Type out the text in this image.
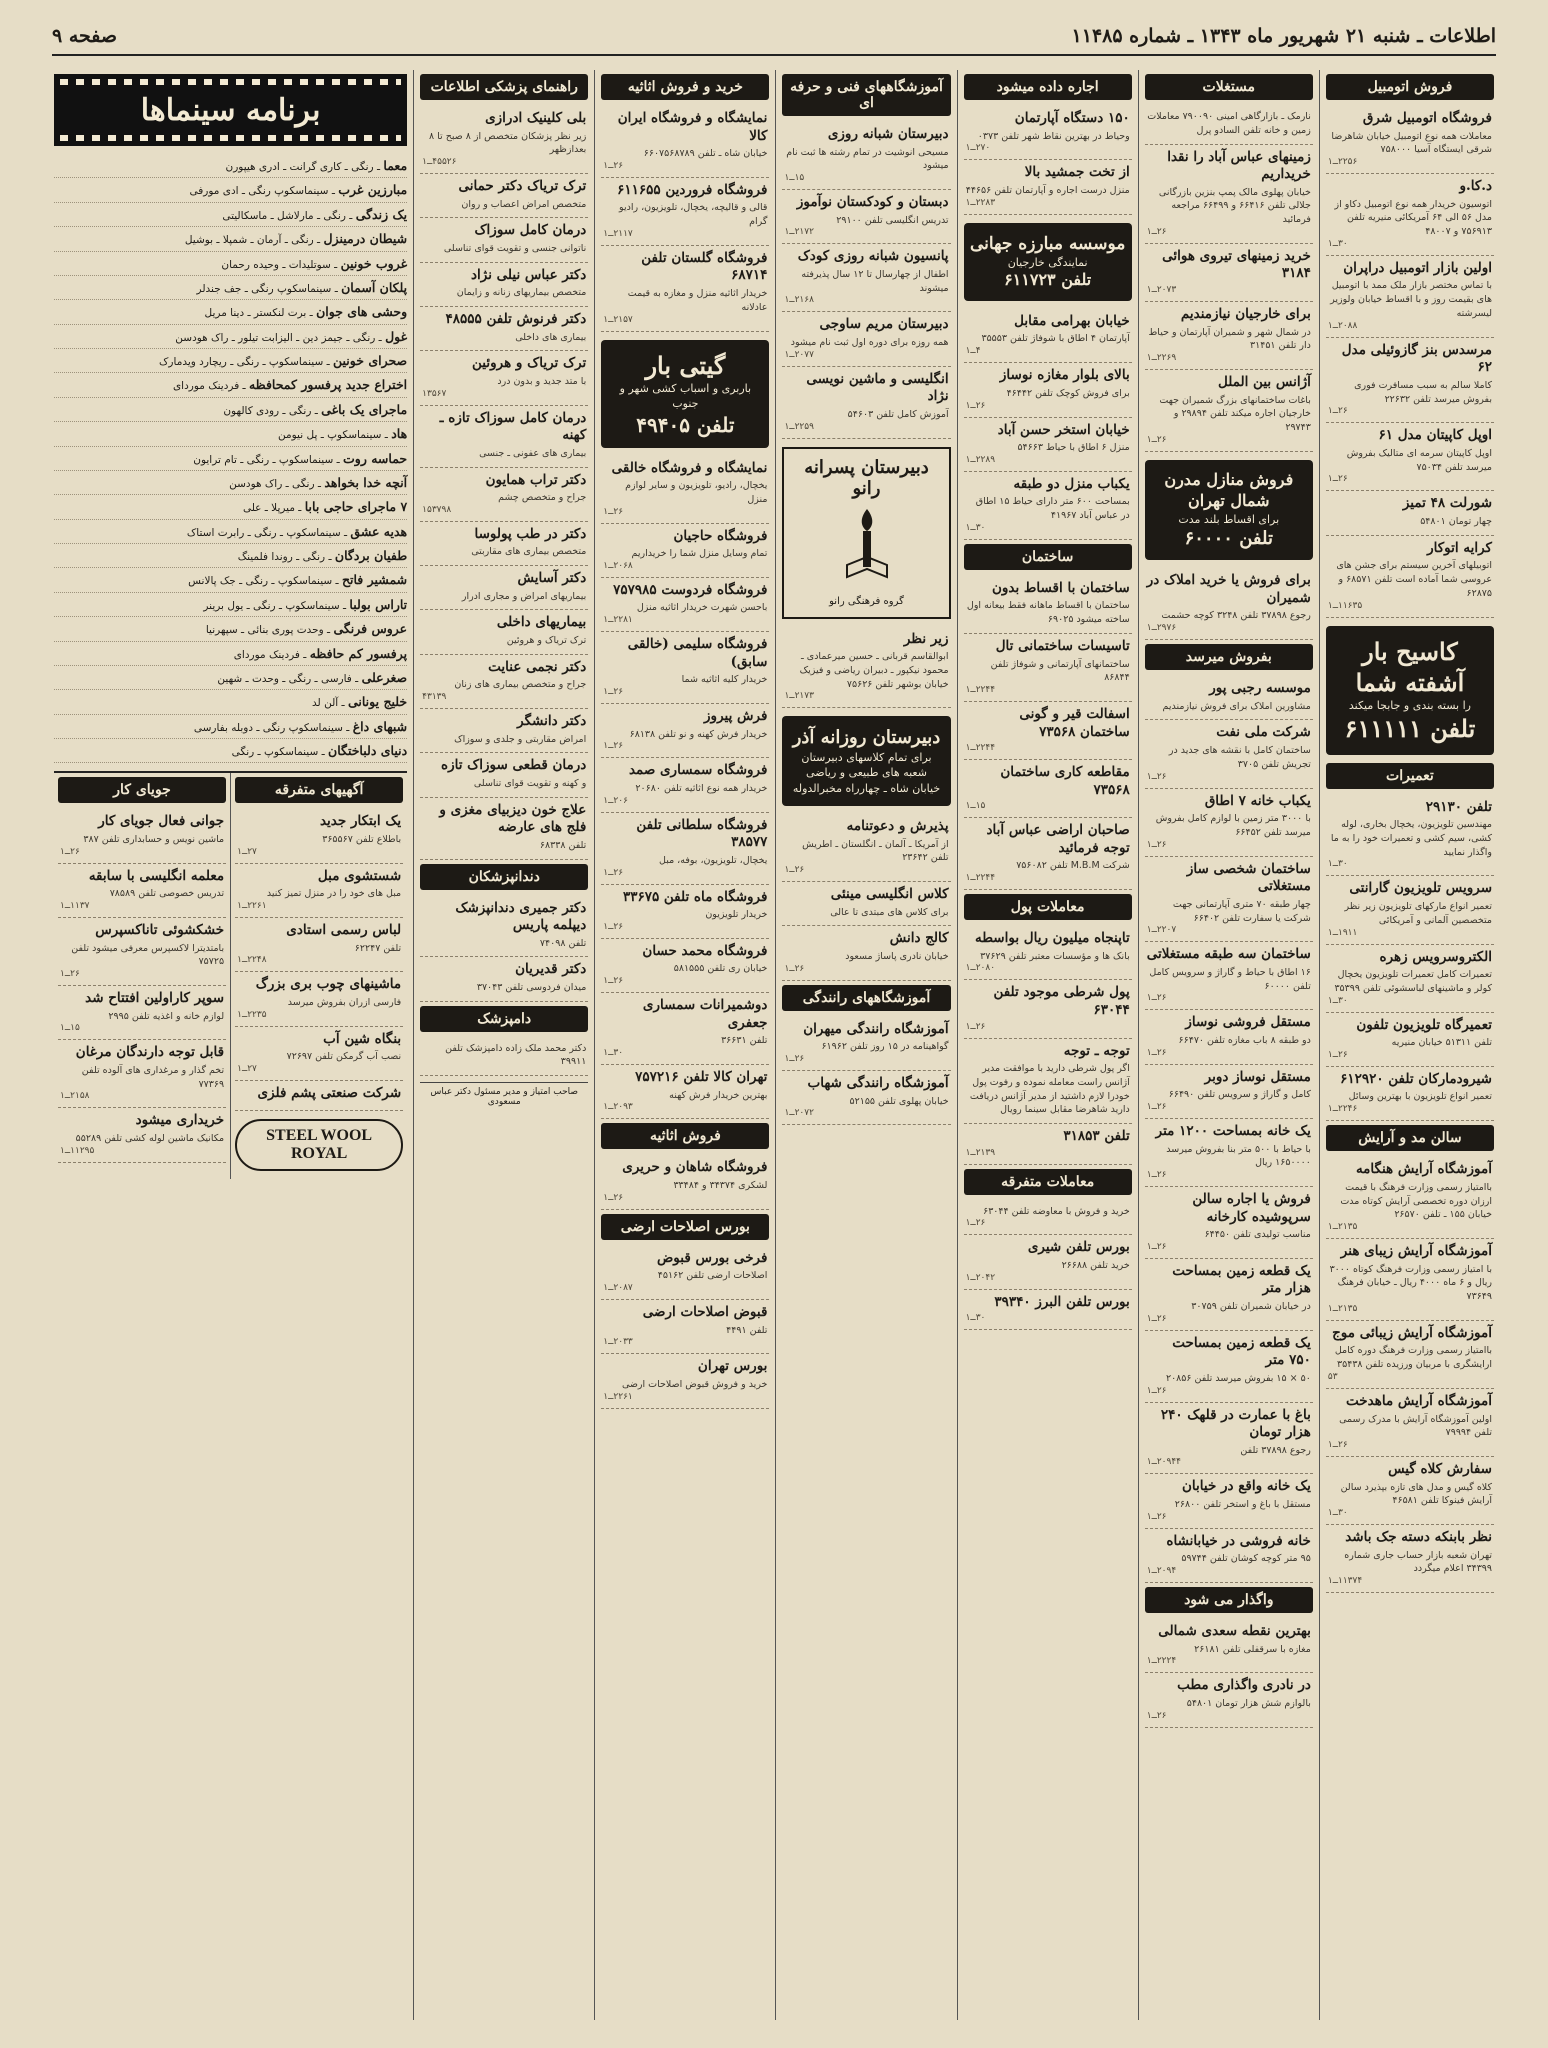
اطلاعات ـ شنبه ۲۱ شهریور ماه ۱۳۴۳ ـ شماره ۱۱۴۸۵
صفحه ۹
فروش اتومبیل
فروشگاه اتومبیل شرق

معاملات همه نوع اتومبیل خیابان شاهرضا شرقی ایستگاه آسیا ۷۵۸۰۰۰

۲۲۵۶ــ۱
د.کا.و

اتوسیون خریدار همه نوع اتومبیل دکاو از مدل ۵۶ الی ۶۴ آمریکائی منیریه تلفن ۷۵۶۹۱۳ و ۴۸۰۰۷

۳۰ــ۱
اولین بازار اتومبیل دراپران

با تماس مختصر بازار ملک ممد با اتومبیل های بقیمت روز و با اقساط خیابان ولوزیر لیسرشته

۲۰۸۸ــ۱
مرسدس بنز گازوئیلی مدل ۶۲

کاملا سالم به سبب مسافرت فوری بفروش میرسد تلفن ۲۲۶۳۲

۲۶ــ۱
اوپل کاپیتان مدل ۶۱

اوپل کاپیتان سرمه ای متالیک بفروش میرسد تلفن ۷۵۰۳۴

۲۶ــ۱
شورلت ۴۸ تمیز

چهار تومان ۵۴۸۰۱

کرایه اتوکار

اتوبیلهای آخرین سیستم برای جشن های عروسی شما آماده است تلفن ۶۸۵۷۱ و ۶۲۸۷۵

۱۱۶۳۵ــ۱
کاسیح بار آشفته شما
را بسته بندی و جابجا میکند
تلفن ۶۱۱۱۱۱
تعمیرات
تلفن ۲۹۱۳۰

مهندسین تلویزیون، یخچال بخاری، لوله کشی، سیم کشی و تعمیرات خود را به ما واگذار نمایید

۳۰ــ۱
سرویس تلویزیون گارانتی

تعمیر انواع مارکهای تلویزیون زیر نظر متخصصین آلمانی و آمریکائی

۱۹۱۱ــ۱
الکتروسرویس زهره

تعمیرات کامل تعمیرات تلویزیون یخچال کولر و ماشینهای لباسشوئی تلفن ۳۵۳۹۹

۳۰ــ۱
تعمیرگاه تلویزیون تلفون

تلفن ۵۱۳۱۱ خیابان منیریه

۲۶ــ۱
شیرودمارکان تلفن ۶۱۲۹۲۰

تعمیر انواع تلویزیون با بهترین وسائل

۲۲۴۶ــ۱
سالن مد و آرایش
آموزشگاه آرایش هنگامه

باامتیاز رسمی وزارت فرهنگ با قیمت ارزان دوره تخصصی آرایش کوتاه مدت خیابان ۱۵۵ ـ تلفن ۲۶۵۷۰

۲۱۳۵ــ۱
آموزشگاه آرایش زیبای هنر

با امتیاز رسمی وزارت فرهنگ کوتاه ۳۰۰۰ ریال و ۶ ماه ۴۰۰۰ ریال ـ خیابان فرهنگ ۷۳۶۴۹

۲۱۳۵ــ۱
آموزشگاه آرایش زیبائی موج

باامتیاز رسمی وزارت فرهنگ دوره کامل ارایشگری با مربیان ورزیده تلفن ۳۵۴۳۸

۵۳
آموزشگاه آرایش ماهدخت

اولین آموزشگاه آرایش با مدرک رسمی تلفن ۷۹۹۹۴

۲۶ــ۱
سفارش کلاه گیس

کلاه گیس و مدل های تازه بپذیرد سالن آرایش فینوکا تلفن ۴۶۵۸۱

۳۰ــ۱
نظر بابنکه دسته جک باشد

تهران شعبه بازار حساب جاری شماره ۳۴۳۹۹ اعلام میگردد

۱۱۳۷۴ــ۱
مستغلات

نارمک ـ بازارگاهی امینی ۷۹۰۰۹۰ معاملات زمین و خانه تلفن السادو پرل

زمینهای عباس آباد را نقدا خریداریم

خیابان پهلوی مالک پمپ بنزین بازرگانی جلالی تلفن ۶۶۴۱۶ و ۶۶۴۹۹ مراجعه فرمائید

۲۶ــ۱
خرید زمینهای تیروی هوائی ۳۱۸۴
۲۰۷۳ــ۱
برای خارجیان نیازمندیم

در شمال شهر و شمیران آپارتمان و حیاط دار تلفن ۳۱۴۵۱

۲۲۶۹ــ۱
آژانس بین الملل

باغات ساختمانهای بزرگ شمیران جهت خارجیان اجاره میکند تلفن ۲۹۸۹۴ و ۲۹۷۴۳

۲۶ــ۱
فروش منازل مدرن شمال تهران
برای اقساط بلند مدت
تلفن ۶۰۰۰۰
برای فروش یا خرید املاک در شمیران

رجوع ۳۷۸۹۸ تلفن ۳۲۴۸ کوچه حشمت

۲۹۷۶ــ۱
بفروش میرسد
موسسه رجبی پور

مشاورین املاک برای فروش نیازمندیم

شرکت ملی نفت

ساختمان کامل با نقشه های جدید در تجریش تلفن ۳۷۰۵

۲۶ــ۱
یکباب خانه ۷ اطاق

با ۳۰۰۰ متر زمین با لوازم کامل بفروش میرسد تلفن ۶۶۴۵۲

۲۶ــ۱
ساختمان شخصی ساز مستغلاتی

چهار طبقه ۷۰ متری آپارتمانی جهت شرکت یا سفارت تلفن ۶۶۴۰۲

۲۲۰۷ــ۱
ساختمان سه طبقه مستغلاتی

۱۶ اطاق با حیاط و گاراژ و سرویس کامل تلفن ۶۰۰۰۰

۲۶ــ۱
مستقل فروشی نوساز

دو طبقه ۸ باب مغازه تلفن ۶۶۴۷۰

۲۶ــ۱
مستقل نوساز دوبر

کامل و گاراژ و سرویس تلفن ۶۶۴۹۰

۲۶ــ۱
یک خانه بمساحت ۱۲۰۰ متر

با حیاط با ۵۰۰ متر بنا بفروش میرسد ۱۶۵۰۰۰۰ ریال

۲۶ــ۱
فروش یا اجاره سالن سرپوشیده کارخانه

مناسب تولیدی تلفن ۶۴۴۵۰

۲۶ــ۱
یک قطعه زمین بمساحت هزار متر

در خیابان شمیران تلفن ۳۰۷۵۹

۲۶ــ۱
یک قطعه زمین بمساحت ۷۵۰ متر

۵۰ × ۱۵ بفروش میرسد تلفن ۲۰۸۵۶

۲۶ــ۱
باغ با عمارت در قلهک ۲۴۰ هزار تومان

رجوع ۳۷۸۹۸ تلفن

۲۰۹۴۴ــ۱
یک خانه واقع در خیابان

مستقل با باغ و استخر تلفن ۲۶۸۰۰

۲۶ــ۱
خانه فروشی در خیابانشاه

۹۵ متر کوچه کوشان تلفن ۵۹۷۴۴

۲۰۹۴ــ۱
واگذار می شود
بهترین نقطه سعدی شمالی

مغازه با سرقفلی تلفن ۲۶۱۸۱

۲۲۲۴ــ۱
در نادری واگذاری مطب

بالوازم شش هزار تومان ۵۴۸۰۱

۲۶ــ۱
اجاره داده میشود
۱۵۰ دستگاه آپارتمان

وحیاط در بهترین نقاط شهر تلفن ۰۳۷۳

۲۷۰ــ۱
از تخت جمشید بالا

منزل درست اجاره و آپارتمان تلفن ۴۴۶۵۶

۲۲۸۳ــ۱
موسسه مبارزه جهانی
نمایندگی خارجیان
تلفن ۶۱۱۷۲۳
خیابان بهرامی مقابل

آپارتمان ۴ اطاق با شوفاژ تلفن ۳۵۵۵۳

۴ــ۱
بالای بلوار مغازه نوساز

برای فروش کوچک تلفن ۴۶۴۴۲

۲۶ــ۱
خیابان استخر حسن آباد

منزل ۶ اطاق با حیاط ۵۴۶۶۳

۲۲۸۹ــ۱
یکباب منزل دو طبقه

بمساحت ۶۰۰ متر دارای حیاط ۱۵ اطاق در عباس آباد ۴۱۹۶۷

۳۰ــ۱
ساختمان
ساختمان با اقساط بدون

ساختمان با اقساط ماهانه فقط بیعانه اول ساخته میشود ۶۹۰۲۵

تاسیسات ساختمانی تال

ساختمانهای آپارتمانی و شوفاژ تلفن ۸۶۸۴۴

۲۲۴۴ــ۱
اسفالت قیر و گونی ساختمان ۷۳۵۶۸
۲۲۴۴ــ۱
مقاطعه کاری ساختمان ۷۳۵۶۸
۱۵ــ۱
صاحبان اراضی عباس آباد توجه فرمائید

شرکت M.B.M تلفن ۷۵۶۰۸۲

۲۲۴۴ــ۱
معاملات پول
تاپنجاه میلیون ریال بواسطه

بانک ها و مؤسسات معتبر تلفن ۳۷۶۲۹

۲۰۸۰ــ۱
پول شرطی موجود تلفن ۶۳۰۴۴
۲۶ــ۱
توجه ـ توجه

اگر پول شرطی دارید با موافقت مدیر آژانس راست معامله نموده و رفوت پول خودرا لازم داشتید از مدیر آژانس دریافت دارید شاهرضا مقابل سینما رویال

تلفن ۳۱۸۵۳
۲۱۳۹ــ۱
معاملات متفرقه

خرید و فروش با معاوضه تلفن ۶۳۰۴۴

۲۶ــ۱
بورس تلفن شیری

خرید تلفن ۲۶۶۸۸

۲۰۴۲ــ۱
بورس تلفن البرز ۳۹۳۴۰
۳۰ــ۱
آموزشگاههای فنی و حرفه ای
دبیرستان شبانه روزی

مسیحی انوشیت در تمام رشته ها ثبت نام میشود

۱۵ــ۱
دبستان و کودکستان نوآموز

تدریس انگلیسی تلفن ۲۹۱۰۰

۲۱۷۲ــ۱
پانسیون شبانه روزی کودک

اطفال از چهارسال تا ۱۲ سال پذیرفته میشوند

۲۱۶۸ــ۱
دبیرستان مریم ساوجی

همه روزه برای دوره اول ثبت نام میشود

۲۰۷۷ــ۱
انگلیسی و ماشین نویسی نژاد

آموزش کامل تلفن ۵۴۶۰۳

۲۲۵۹ــ۱
دبیرستان پسرانه رانو
گروه فرهنگی رانو
زیر نظر

ابوالقاسم قربانی ـ حسین میرعمادی ـ محمود نیکپور ـ دبیران ریاضی و فیزیک خیابان بوشهر تلفن ۷۵۶۲۶

۲۱۷۳ــ۱
دبیرستان روزانه آذر
برای تمام کلاسهای دبیرستان شعبه های طبیعی و ریاضی
خیابان شاه ـ چهارراه مخبرالدوله
پذیرش و دعوتنامه

از آمریکا ـ آلمان ـ انگلستان ـ اطریش تلفن ۲۳۶۴۲

۲۶ــ۱
کلاس انگلیسی مینئی

برای کلاس های مبتدی تا عالی

کالج دانش

خیابان نادری پاساژ مسعود

۲۶ــ۱
آموزشگاههای رانندگی
آموزشگاه رانندگی میهران

گواهینامه در ۱۵ روز تلفن ۶۱۹۶۲

۲۶ــ۱
آموزشگاه رانندگی شهاب

خیابان پهلوی تلفن ۵۲۱۵۵

۲۰۷۲ــ۱
خرید و فروش اثاثیه
نمایشگاه و فروشگاه ایران کالا

خیابان شاه ـ تلفن ۶۶۰۷۵۶۸۷۸۹

۲۶ــ۱
فروشگاه فروردین ۶۱۱۶۵۵

قالی و قالیچه، یخچال، تلویزیون، رادیو گرام

۲۱۱۷ــ۱
فروشگاه گلستان تلفن ۶۸۷۱۴

خریدار اثاثیه منزل و مغازه به قیمت عادلانه

۲۱۵۷ــ۱
گیتی بار
باربری و اسباب کشی شهر و جنوب
تلفن ۴۹۴۰۵
نمایشگاه و فروشگاه خالقی

یخچال، رادیو، تلویزیون و سایر لوازم منزل

۲۶ــ۱
فروشگاه حاجیان

تمام وسایل منزل شما را خریداریم

۲۰۶۸ــ۱
فروشگاه فردوست ۷۵۷۹۸۵

باحسن شهرت خریدار اثاثیه منزل

۲۲۸۱ــ۱
فروشگاه سلیمی (خالقی سابق)

خریدار کلیه اثاثیه شما

۲۶ــ۱
فرش پیروز

خریدار فرش کهنه و نو تلفن ۶۸۱۳۸

۲۶ــ۱
فروشگاه سمساری صمد

خریدار همه نوع اثاثیه تلفن ۲۰۶۸۰

۲۰۶ــ۱
فروشگاه سلطانی تلفن ۳۸۵۷۷

یخچال، تلویزیون، بوفه، مبل

۲۶ــ۱
فروشگاه ماه تلفن ۳۳۶۷۵

خریدار تلویزیون

۲۶ــ۱
فروشگاه محمد حسان

خیابان ری تلفن ۵۸۱۵۵۵

۲۶ــ۱
دوشمیرانات سمساری جعفری

تلفن ۳۶۶۳۱

۳۰ــ۱
تهران کالا تلفن ۷۵۷۲۱۶

بهترین خریدار فرش کهنه

۲۰۹۳ــ۱
فروش اثاثیه
فروشگاه شاهان و حریری

لشکری ۳۴۳۷۴ و ۳۳۴۸۴

۲۶ــ۱
بورس اصلاحات ارضی
فرخی بورس قبوض

اصلاحات ارضی تلفن ۴۵۱۶۲

۲۰۸۷ــ۱
قبوض اصلاحات ارضی

تلفن ۴۴۹۱

۲۰۳۳ــ۱
بورس تهران

خرید و فروش قبوض اصلاحات ارضی

۲۲۶۱ــ۱
راهنمای پزشکی اطلاعات
بلی کلینیک ادرازی

زیر نظر پزشکان متخصص از ۸ صبح تا ۸ بعدازظهر

۴۵۵۲۶ــ۱
ترک تریاک دکتر حمانی

متخصص امراض اعصاب و روان

درمان کامل سوزاک

ناتوانی جنسی و تقویت قوای تناسلی

دکتر عباس نیلی نژاد

متخصص بیماریهای زنانه و زایمان

دکتر فرنوش تلفن ۴۸۵۵۵

بیماری های داخلی

ترک تریاک و هروئین

با متد جدید و بدون درد

۱۳۵۶۷
درمان کامل سوزاک تازه ـ کهنه

بیماری های عفونی ـ جنسی

دکتر تراب همایون

جراح و متخصص چشم

۱۵۳۷۹۸
دکتر در طب پولوسا

متخصص بیماری های مقاربتی

دکتر آسایش

بیماریهای امراض و مجاری ادرار

بیماریهای داخلی

ترک تریاک و هروئین

دکتر نجمی عنایت

جراح و متخصص بیماری های زنان

۴۳۱۳۹
دکتر دانشگر

امراض مقاربتی و جلدی و سوزاک

درمان قطعی سوزاک تازه

و کهنه و تقویت قوای تناسلی

علاج خون دیزبیای مغزی و فلج های عارضه

تلفن ۶۸۳۳۸

دندانپزشکان
دکتر جمیری دندانپزشک دیپلمه پاریس

تلفن ۷۴۰۹۸

دکتر قدیریان

میدان فردوسی تلفن ۳۷۰۴۳

دامپزشک

دکتر محمد ملک زاده دامپزشک تلفن ۳۹۹۱۱

صاحب امتیاز و مدیر مسئول دکتر عباس مسعودی
برنامه سینماها
معما ـ رنگی ـ کاری گرانت ـ ادری هیپورن
مبارزین غرب ـ سینماسکوپ رنگی ـ ادی مورفی
یک زندگی ـ رنگی ـ مارلاشل ـ ماسکالیتی
شیطان درمینزل ـ رنگی ـ آرمان ـ شمپلا ـ بوشیل
غروب خونین ـ سوتلیدات ـ وحیده رحمان
پلکان آسمان ـ سینماسکوپ رنگی ـ جف جندلر
وحشی های جوان ـ برت لنکستر ـ دینا مریل
غول ـ رنگی ـ جیمز دین ـ الیزابت تیلور ـ راک هودسن
صحرای خونین ـ سینماسکوپ ـ رنگی ـ ریچارد ویدمارک
اختراع جدید پرفسور کمحافظه ـ فردینک موردای
ماجرای یک باغی ـ رنگی ـ رودی کالهون
هاد ـ سینماسکوپ ـ پل نیومن
حماسه روت ـ سینماسکوپ ـ رنگی ـ تام ترایون
آنچه خدا بخواهد ـ رنگی ـ راک هودسن
۷ ماجرای حاجی بابا ـ میرپلا ـ علی
هدیه عشق ـ سینماسکوپ ـ رنگی ـ رابرت استاک
طفیان بردگان ـ رنگی ـ روندا فلمینگ
شمشیر فاتح ـ سینماسکوپ ـ رنگی ـ جک پالانس
تاراس بولبا ـ سینماسکوپ ـ رنگی ـ یول برینر
عروس فرنگی ـ وحدت پوری بنائی ـ سپهرنیا
پرفسور کم حافظه ـ فردینک موردای
صغرعلی ـ فارسی ـ رنگی ـ وحدت ـ شهین
خلیج یونانی ـ آلن لد
شبهای داغ ـ سینماسکوپ رنگی ـ دوبله بفارسی
دنیای دلباختگان ـ سینماسکوپ ـ رنگی
آگهیهای متفرقه
یک ابتکار جدید

باطلاع تلفن ۳۶۵۵۶۷

۲۷ــ۱
شستشوی مبل

مبل های خود را در منزل تمیز کنید

۲۲۶۱ــ۱
لباس رسمی استادی

تلفن ۶۲۲۴۷

۲۲۴۸ــ۱
ماشینهای چوب بری بزرگ

فارسی ازران بفروش میرسد

۲۲۳۵ــ۱
بنگاه شین آب

نصب آب گرمکن تلفن ۷۲۶۹۷

۲۷ــ۱
شرکت صنعتی پشم فلزی
STEEL WOOL ROYAL
جویای کار
جوانی فعال جویای کار

ماشین نویس و حسابداری تلفن ۳۸۷

۲۶ــ۱
معلمه انگلیسی با سابقه

تدریس خصوصی تلفن ۷۸۵۸۹

۱۱۳۷ــ۱
خشکشوئی تاناکسپرس

بامتدیترا لاکسپرس معرفی میشود تلفن ۷۵۷۲۵

۲۶ــ۱
سوپر کاراولین افتتاح شد

لوازم خانه و اغذیه تلفن ۲۹۹۵

۱۵ــ۱
قابل توجه دارندگان مرغان

تخم گذار و مرغداری های آلوده تلفن ۷۷۳۶۹

۲۱۵۸ــ۱
خریداری میشود

مکانیک ماشین لوله کشی تلفن ۵۵۲۸۹

۱۱۲۹۵ــ۱
